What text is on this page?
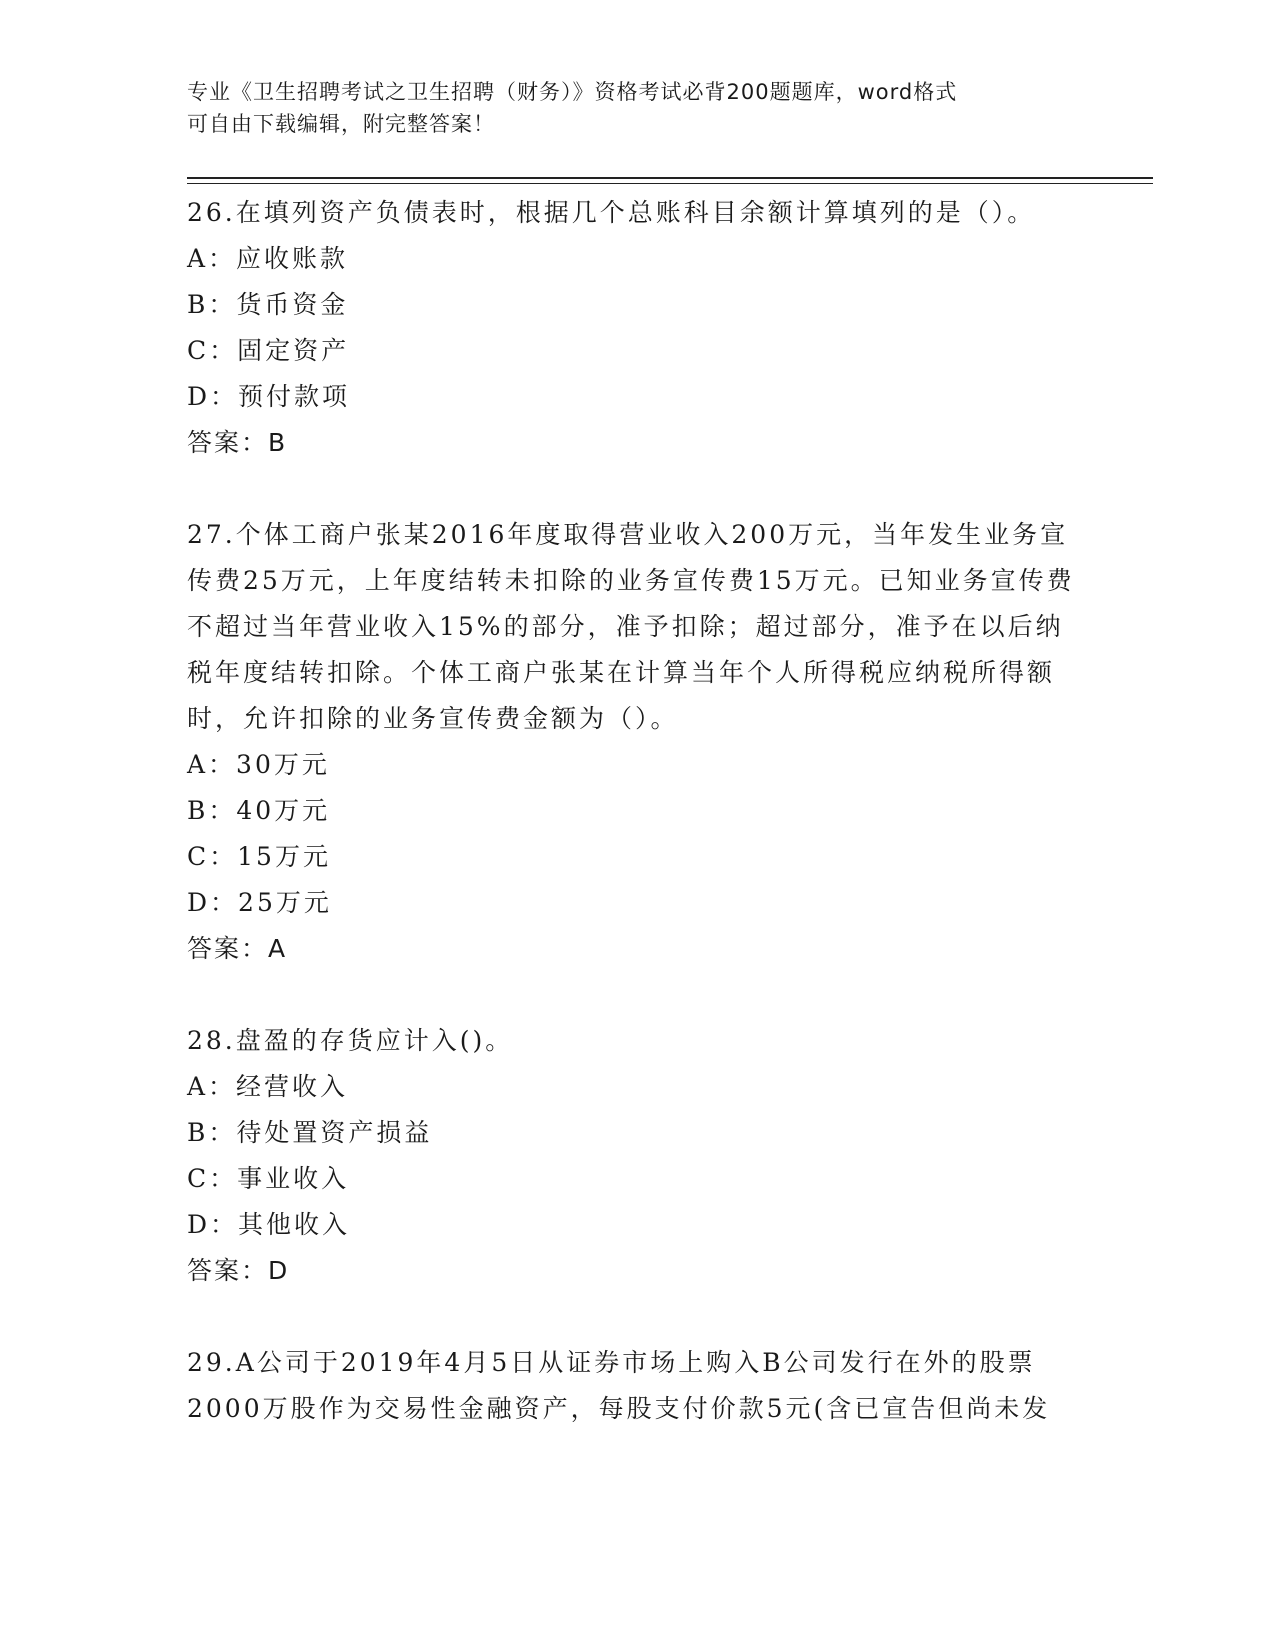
专业《卫生招聘考试之卫生招聘（财务）》资格考试必背200题题库，word格式
可自由下载编辑，附完整答案！
26.在填列资产负债表时，根据几个总账科目余额计算填列的是（）。
A：应收账款
B：货币资金
C：固定资产
D：预付款项
答案：B
27.个体工商户张某2016年度取得营业收入200万元，当年发生业务宣传费25万元，上年度结转未扣除的业务宣传费15万元。已知业务宣传费不超过当年营业收入15%的部分，准予扣除；超过部分，准予在以后纳税年度结转扣除。个体工商户张某在计算当年个人所得税应纳税所得额时，允许扣除的业务宣传费金额为（）。
A：30万元
B：40万元
C：15万元
D：25万元
答案：A
28.盘盈的存货应计入()。
A：经营收入
B：待处置资产损益
C：事业收入
D：其他收入
答案：D
29.A公司于2019年4月5日从证券市场上购入B公司发行在外的股票2000万股作为交易性金融资产，每股支付价款5元(含已宣告但尚未发
